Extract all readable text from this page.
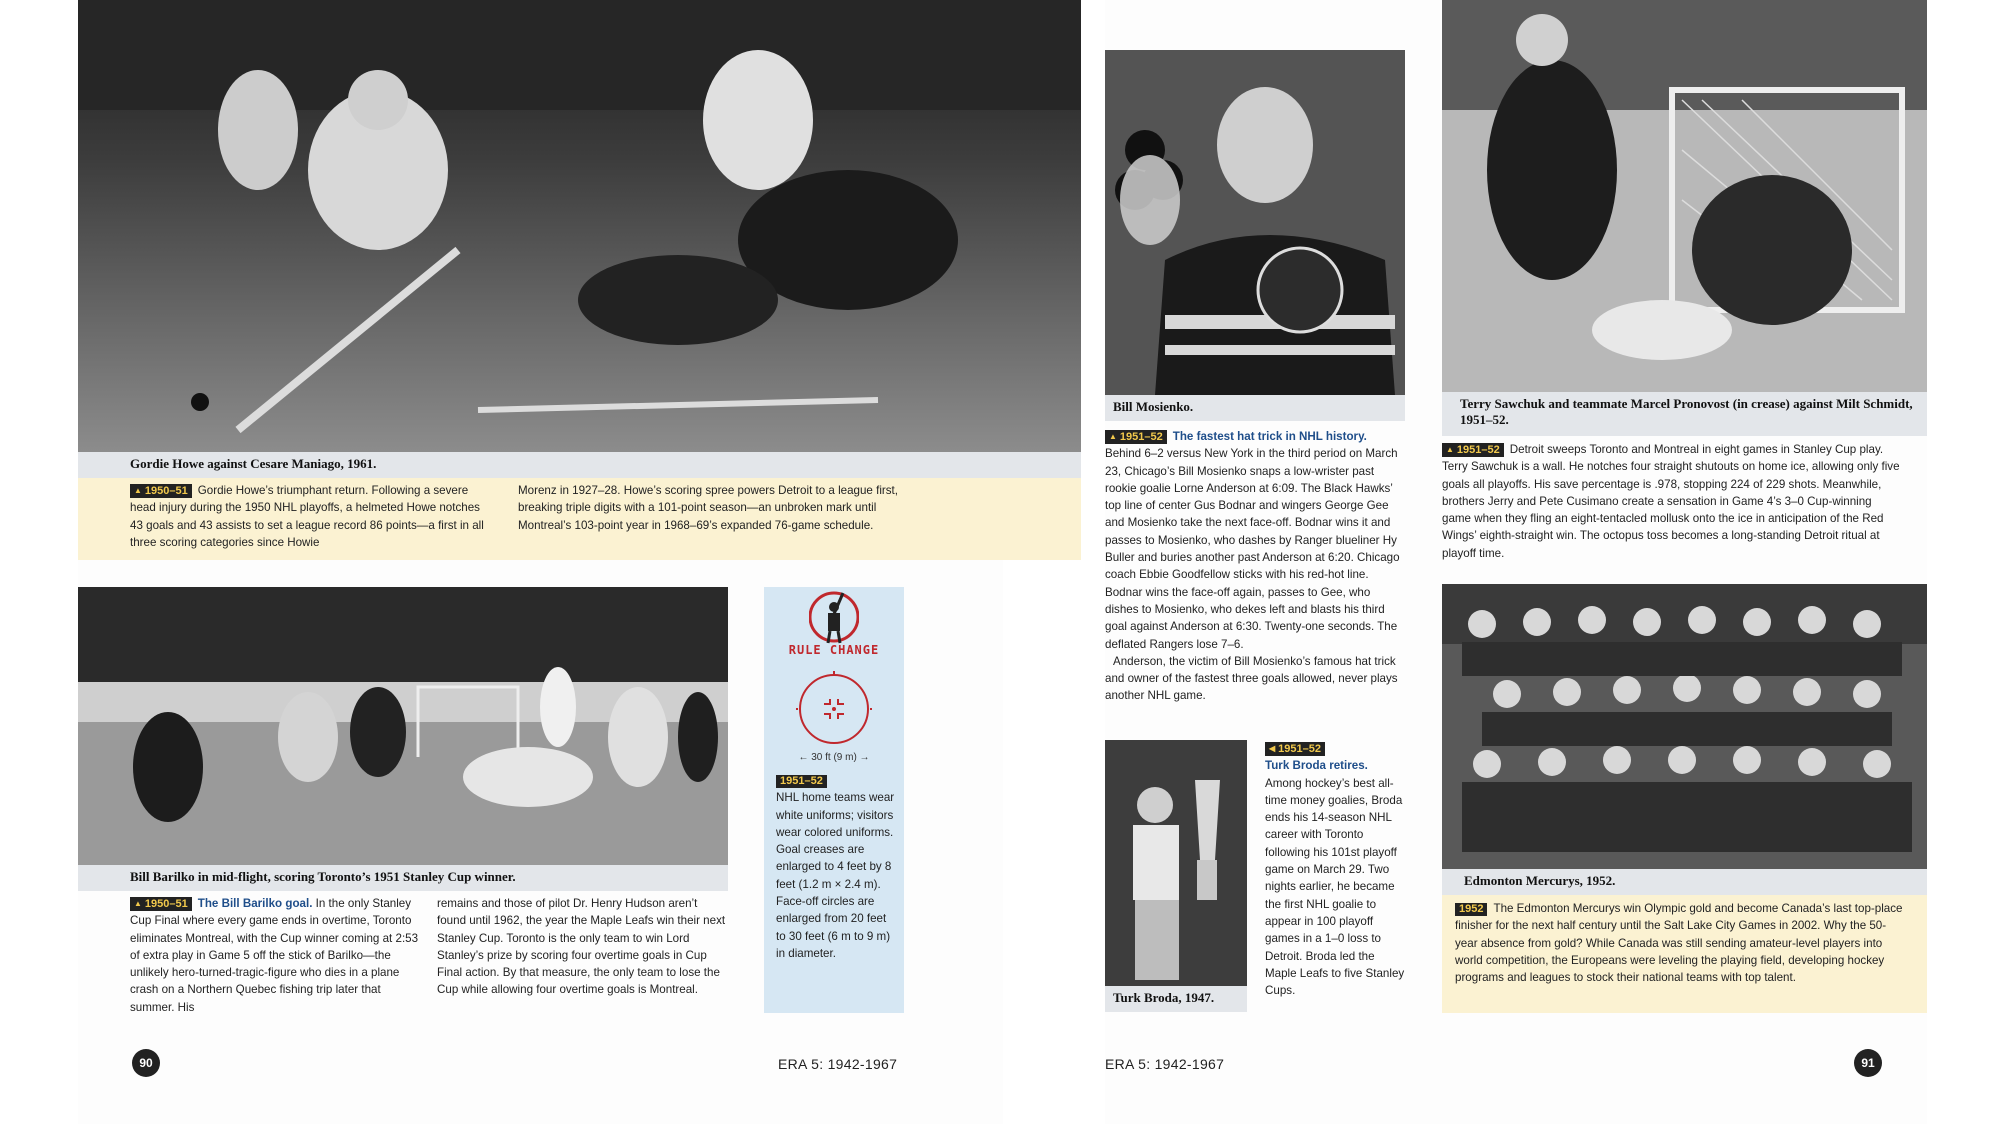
Gordie Howe against Cesare Maniago, 1961.
▲ 1950–51 Gordie Howe’s triumphant return. Following a severe head injury during the 1950 NHL playoffs, a helmeted Howe notches 43 goals and 43 assists to set a league record 86 points—a first in all three scoring categories since Howie
Morenz in 1927–28. Howe’s scoring spree powers Detroit to a league first, breaking triple digits with a 101-point season—an unbroken mark until Montreal’s 103-point year in 1968–69’s expanded 76-game schedule.
Bill Barilko in mid-flight, scoring Toronto’s 1951 Stanley Cup winner.
▲ 1950–51 The Bill Barilko goal. In the only Stanley Cup Final where every game ends in overtime, Toronto eliminates Montreal, with the Cup winner coming at 2:53 of extra play in Game 5 off the stick of Barilko—the unlikely hero-turned-tragic-figure who dies in a plane crash on a Northern Quebec fishing trip later that summer. His
remains and those of pilot Dr. Henry Hudson aren’t found until 1962, the year the Maple Leafs win their next Stanley Cup. Toronto is the only team to win Lord Stanley’s prize by scoring four overtime goals in Cup Final action. By that measure, the only team to lose the Cup while allowing four overtime goals is Montreal.
RULE CHANGE
← 30 ft (9 m) →
1951–52
NHL home teams wear white uniforms; visitors wear colored uniforms. Goal creases are enlarged to 4 feet by 8 feet (1.2 m × 2.4 m). Face-off circles are enlarged from 20 feet to 30 feet (6 m to 9 m) in diameter.
90	ERA 5: 1942-1967
Bill Mosienko.
▲ 1951–52 The fastest hat trick in NHL history.
Behind 6–2 versus New York in the third period on March 23, Chicago’s Bill Mosienko snaps a low-wrister past rookie goalie Lorne Anderson at 6:09. The Black Hawks’ top line of center Gus Bodnar and wingers George Gee and Mosienko take the next face-off. Bodnar wins it and passes to Mosienko, who dashes by Ranger blueliner Hy Buller and buries another past Anderson at 6:20. Chicago coach Ebbie Goodfellow sticks with his red-hot line. Bodnar wins the face-off again, passes to Gee, who dishes to Mosienko, who dekes left and blasts his third goal against Anderson at 6:30. Twenty-one seconds. The deflated Rangers lose 7–6.
Anderson, the victim of Bill Mosienko’s famous hat trick and owner of the fastest three goals allowed, never plays another NHL game.
Turk Broda, 1947.
◀ 1951–52
Turk Broda retires.
Among hockey’s best all-time money goalies, Broda ends his 14-season NHL career with Toronto following his 101st playoff game on March 29. Two nights earlier, he became the first NHL goalie to appear in 100 playoff games in a 1–0 loss to Detroit. Broda led the Maple Leafs to five Stanley Cups.
Terry Sawchuk and teammate Marcel Pronovost (in crease) against Milt Schmidt, 1951–52.
▲ 1951–52 Detroit sweeps Toronto and Montreal in eight games in Stanley Cup play. Terry Sawchuk is a wall. He notches four straight shutouts on home ice, allowing only five goals all playoffs. His save percentage is .978, stopping 224 of 229 shots. Meanwhile, brothers Jerry and Pete Cusimano create a sensation in Game 4’s 3–0 Cup-winning game when they fling an eight-tentacled mollusk onto the ice in anticipation of the Red Wings’ eighth-straight win. The octopus toss becomes a long-standing Detroit ritual at playoff time.
Edmonton Mercurys, 1952.
1952 The Edmonton Mercurys win Olympic gold and become Canada’s last top-place finisher for the next half century until the Salt Lake City Games in 2002. Why the 50-year absence from gold? While Canada was still sending amateur-level players into world competition, the Europeans were leveling the playing field, developing hockey programs and leagues to stock their national teams with top talent.
ERA 5: 1942-1967	91
